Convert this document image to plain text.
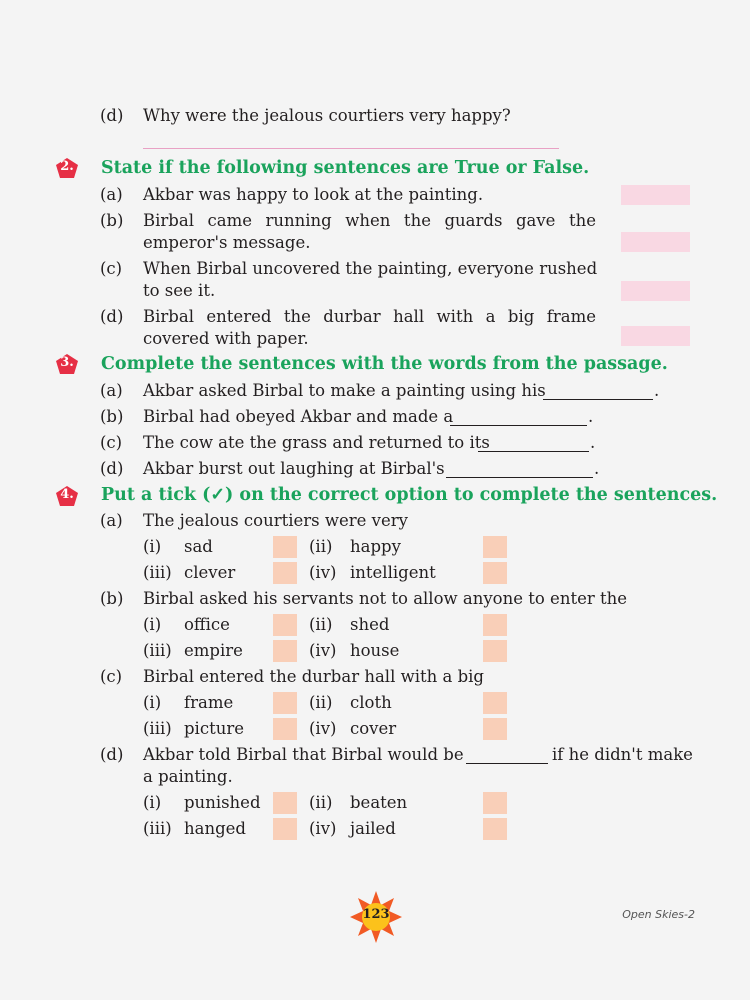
(d) Why were the jealous courtiers very happy?
2. State if the following sentences are True or False.
(a) Akbar was happy to look at the painting.
(b) Birbal came running when the guards gave the
emperor's message.
(c) When Birbal uncovered the painting, everyone rushed
to see it.
(d) Birbal entered the durbar hall with a big frame
covered with paper.
3. Complete the sentences with the words from the passage.
(a) Akbar asked Birbal to make a painting using his	.
(b) Birbal had obeyed Akbar and made a	.
(c) The cow ate the grass and returned to its	.
(d) Akbar burst out laughing at Birbal's	.
4. Put a tick (✓) on the correct option to complete the sentences.
(a) The jealous courtiers were very
(i) sad	(ii) happy
(iii) clever	(iv) intelligent
(b) Birbal asked his servants not to allow anyone to enter the
(i) office	(ii) shed
(iii) empire	(iv) house
(c) Birbal entered the durbar hall with a big
(i) frame	(ii) cloth
(iii) picture	(iv) cover
(d) Akbar told Birbal that Birbal would be	if he didn't make
a painting.
(i) punished	(ii) beaten
(iii) hanged	(iv) jailed
123	Open Skies-2
